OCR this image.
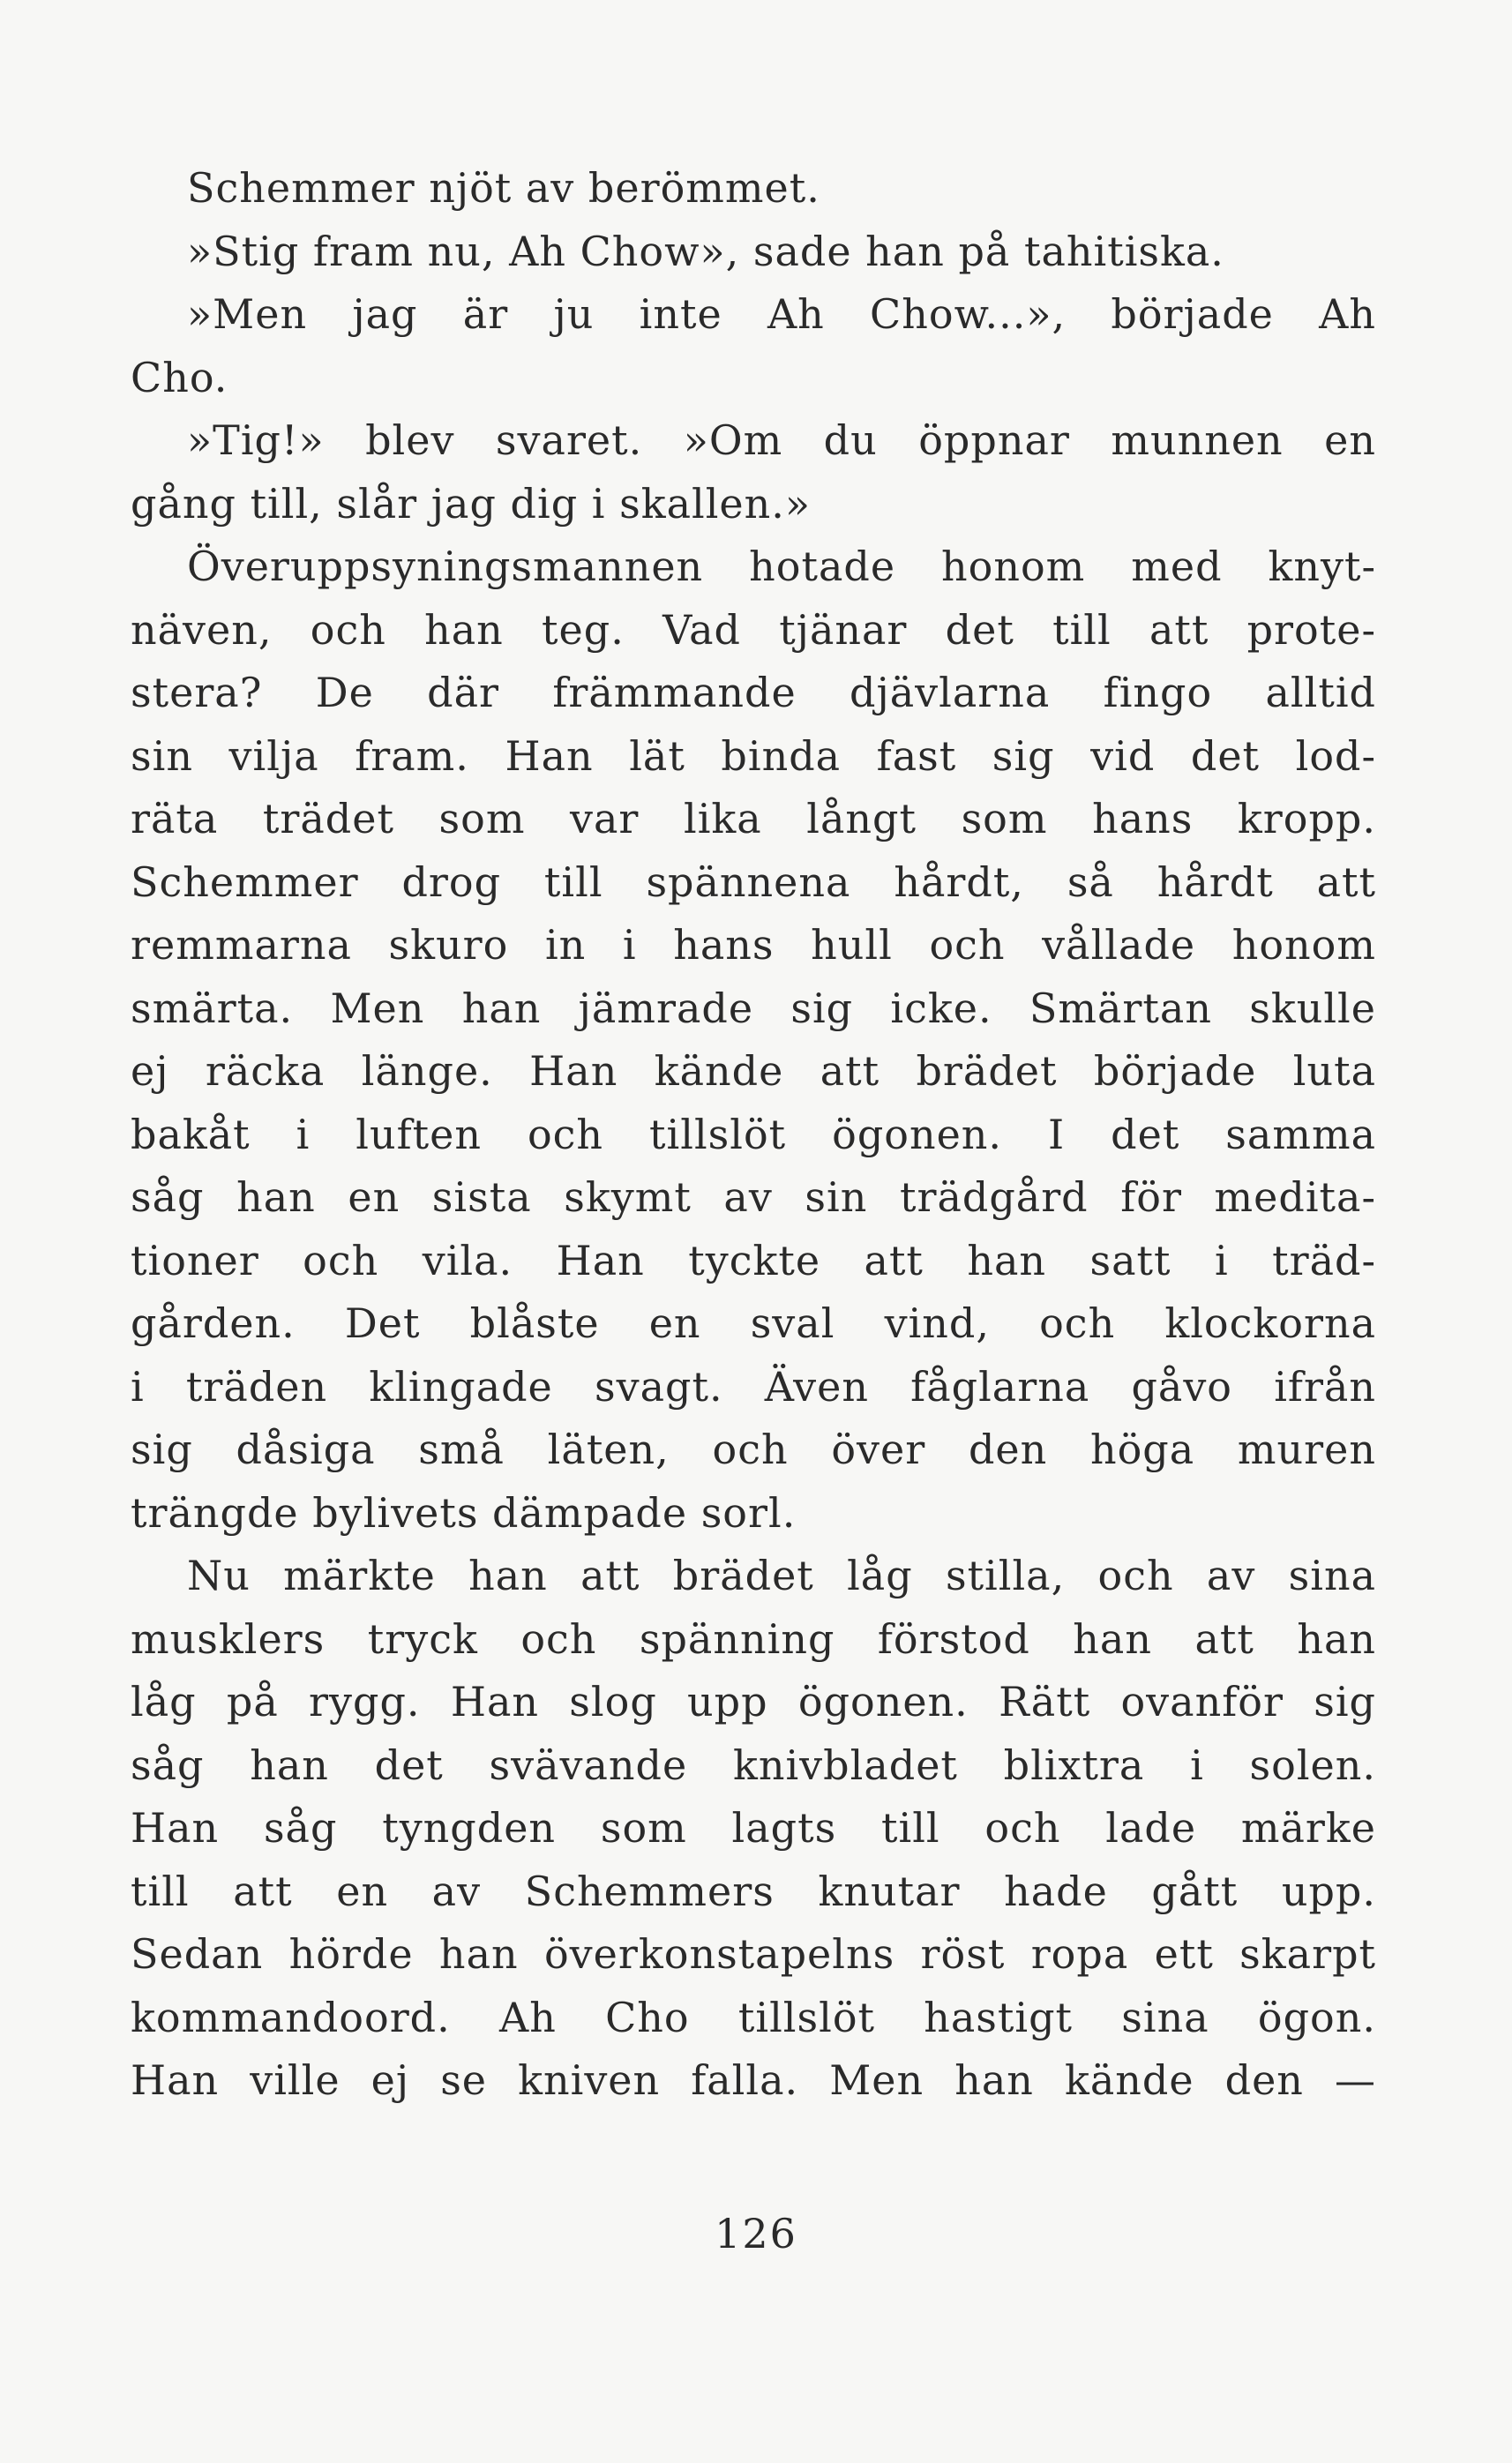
Schemmer njöt av berömmet.
»Stig fram nu, Ah Chow», sade han på tahitiska.
»Men jag är ju inte Ah Chow...», började Ah
Cho.
»Tig!» blev svaret. »Om du öppnar munnen en
gång till, slår jag dig i skallen.»
Överuppsyningsmannen hotade honom med knyt-
näven, och han teg. Vad tjänar det till att prote-
stera? De där främmande djävlarna fingo alltid
sin vilja fram. Han lät binda fast sig vid det lod-
räta trädet som var lika långt som hans kropp.
Schemmer drog till spännena hårdt, så hårdt att
remmarna skuro in i hans hull och vållade honom
smärta. Men han jämrade sig icke. Smärtan skulle
ej räcka länge. Han kände att brädet började luta
bakåt i luften och tillslöt ögonen. I det samma
såg han en sista skymt av sin trädgård för medita-
tioner och vila. Han tyckte att han satt i träd-
gården. Det blåste en sval vind, och klockorna
i träden klingade svagt. Även fåglarna gåvo ifrån
sig dåsiga små läten, och över den höga muren
trängde bylivets dämpade sorl.
Nu märkte han att brädet låg stilla, och av sina
musklers tryck och spänning förstod han att han
låg på rygg. Han slog upp ögonen. Rätt ovanför sig
såg han det svävande knivbladet blixtra i solen.
Han såg tyngden som lagts till och lade märke
till att en av Schemmers knutar hade gått upp.
Sedan hörde han överkonstapelns röst ropa ett skarpt
kommandoord. Ah Cho tillslöt hastigt sina ögon.
Han ville ej se kniven falla. Men han kände den —
126
